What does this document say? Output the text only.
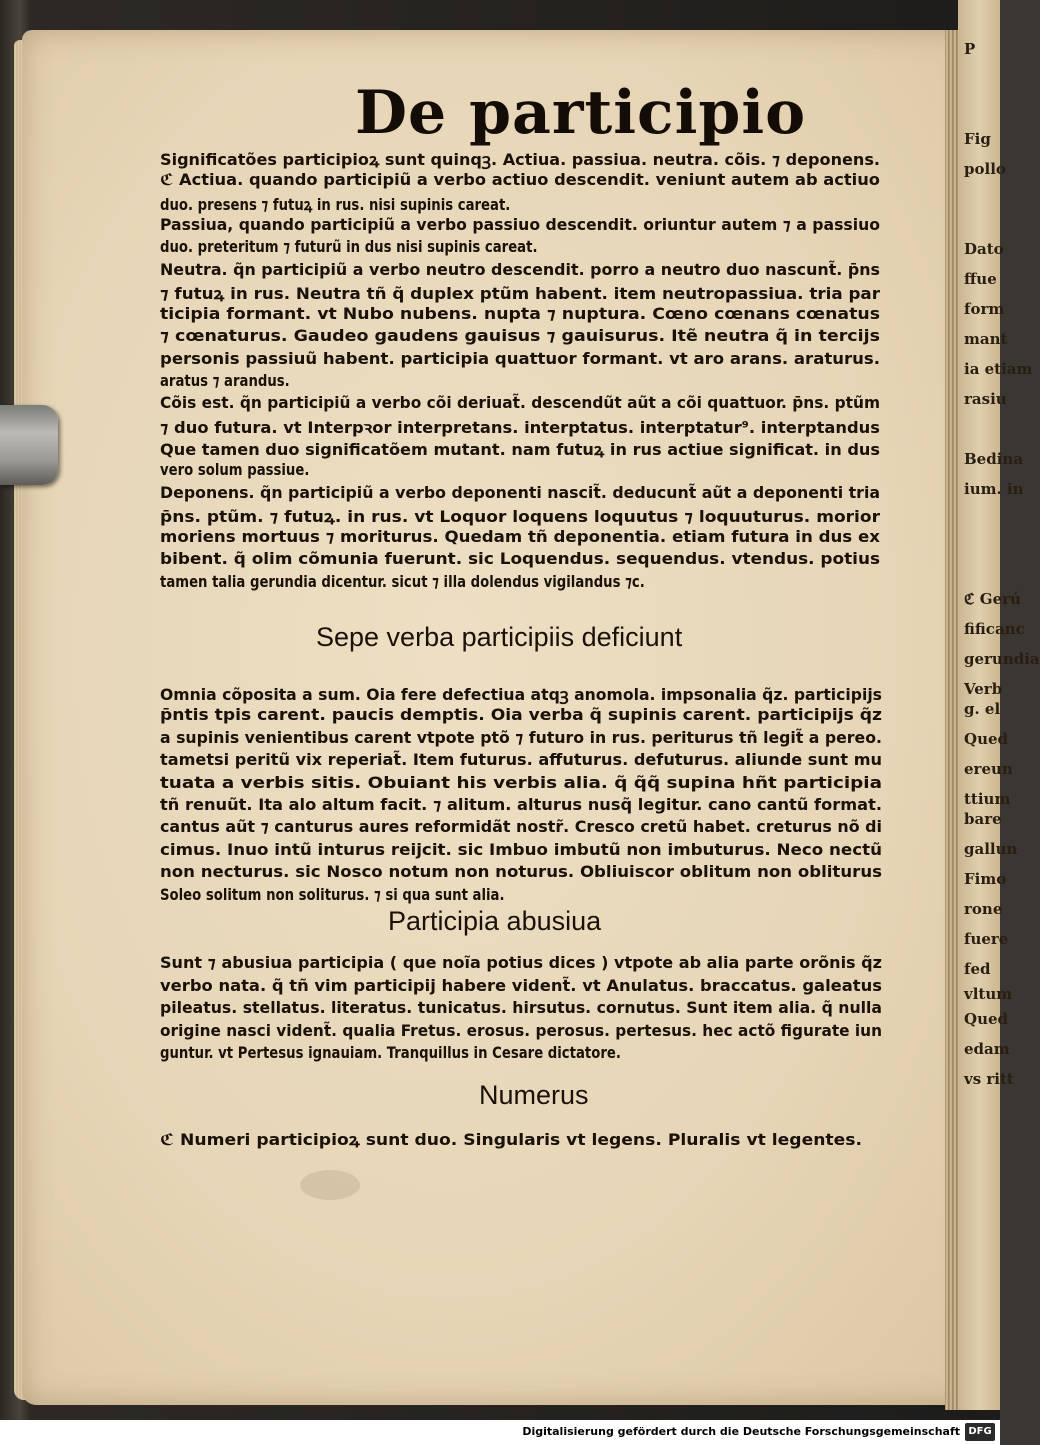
P
Fig
pollo
Dato
ffue
form
mant
ia etiam
rasiu
Bedina
ium. in
ℭ Gerú
fificanc
gerundia
Verb
g. el
Qued
ereun
ttium
bare
gallun
Fimo
rone
fuere
fed
vltum
Qued
edam
vs ritt
De participio
Significatões participioꝝ sunt quinqꝫ. Actiua. passiua. neutra. cõis. ⁊ deponens.
ℭ Actiua. quando participiũ a verbo actiuo descendit. veniunt autem ab actiuo
duo. presens ⁊ futuꝝ in rus. nisi supinis careat.
Passiua, quando participiũ a verbo passiuo descendit. oriuntur autem ⁊ a passiuo
duo. preteritum ⁊ futurũ in dus nisi supinis careat.
Neutra. q̃n participiũ a verbo neutro descendit. porro a neutro duo nascunt̃. p̄ns
⁊ futuꝝ in rus. Neutra tñ q̃ duplex ptũm habent. item neutropassiua. tria par
ticipia formant. vt Nubo nubens. nupta ⁊ nuptura. Cœno cœnans cœnatus
⁊ cœnaturus. Gaudeo gaudens gauisus ⁊ gauisurus. Itẽ neutra q̃ in tercijs
personis passiuũ habent. participia quattuor formant. vt aro arans. araturus.
aratus ⁊ arandus.
Cõis est. q̃n participiũ a verbo cõi deriuat̃. descendũt aũt a cõi quattuor. p̄ns. ptũm
⁊ duo futura. vt Interpꝛor interpretans. interptatus. interptatur⁹. interptandus
Que tamen duo significatõem mutant. nam futuꝝ in rus actiue significat. in dus
vero solum passiue.
Deponens. q̃n participiũ a verbo deponenti nascit̃. deducunt̃ aũt a deponenti tria
p̄ns. ptũm. ⁊ futuꝝ. in rus. vt Loquor loquens loquutus ⁊ loquuturus. morior
moriens mortuus ⁊ moriturus. Quedam tñ deponentia. etiam futura in dus ex
bibent. q̃ olim cõmunia fuerunt. sic Loquendus. sequendus. vtendus. potius
tamen talia gerundia dicentur. sicut ⁊ illa dolendus vigilandus ⁊c.
Omnia cõposita a sum. Oia fere defectiua atqꝫ anomola. impsonalia q̃z. participijs
p̄ntis tpis carent. paucis demptis. Oia verba q̃ supinis carent. participijs q̃z
a supinis venientibus carent vtpote ptõ ⁊ futuro in rus. periturus tñ legit̃ a pereo.
tametsi peritũ vix reperiat̃. Item futurus. affuturus. defuturus. aliunde sunt mu
tuata a verbis sitis. Obuiant his verbis alia. q̃ q̃q̃ supina hñt participia
tñ renuũt. Ita alo altum facit. ⁊ alitum. alturus nusq̃ legitur. cano cantũ format.
cantus aũt ⁊ canturus aures reformidãt nostr̃. Cresco cretũ habet. creturus nõ di
cimus. Inuo intũ inturus reijcit. sic Imbuo imbutũ non imbuturus. Neco nectũ
non necturus. sic Nosco notum non noturus. Obliuiscor oblitum non obliturus
Soleo solitum non soliturus. ⁊ si qua sunt alia.
Sunt ⁊ abusiua participia ( que noĩa potius dices ) vtpote ab alia parte orõnis q̃z
verbo nata. q̃ tñ vim participij habere vident̃. vt Anulatus. braccatus. galeatus
pileatus. stellatus. literatus. tunicatus. hirsutus. cornutus. Sunt item alia. q̃ nulla
origine nasci vident̃. qualia Fretus. erosus. perosus. pertesus. hec actõ figurate iun
guntur. vt Pertesus ignauiam. Tranquillus in Cesare dictatore.
ℭ Numeri participioꝝ sunt duo. Singularis vt legens. Pluralis vt legentes.
Sepe verba participiis deficiunt
Participia abusiua
Numerus
Digitalisierung gefördert durch die Deutsche Forschungsgemeinschaft DFG
